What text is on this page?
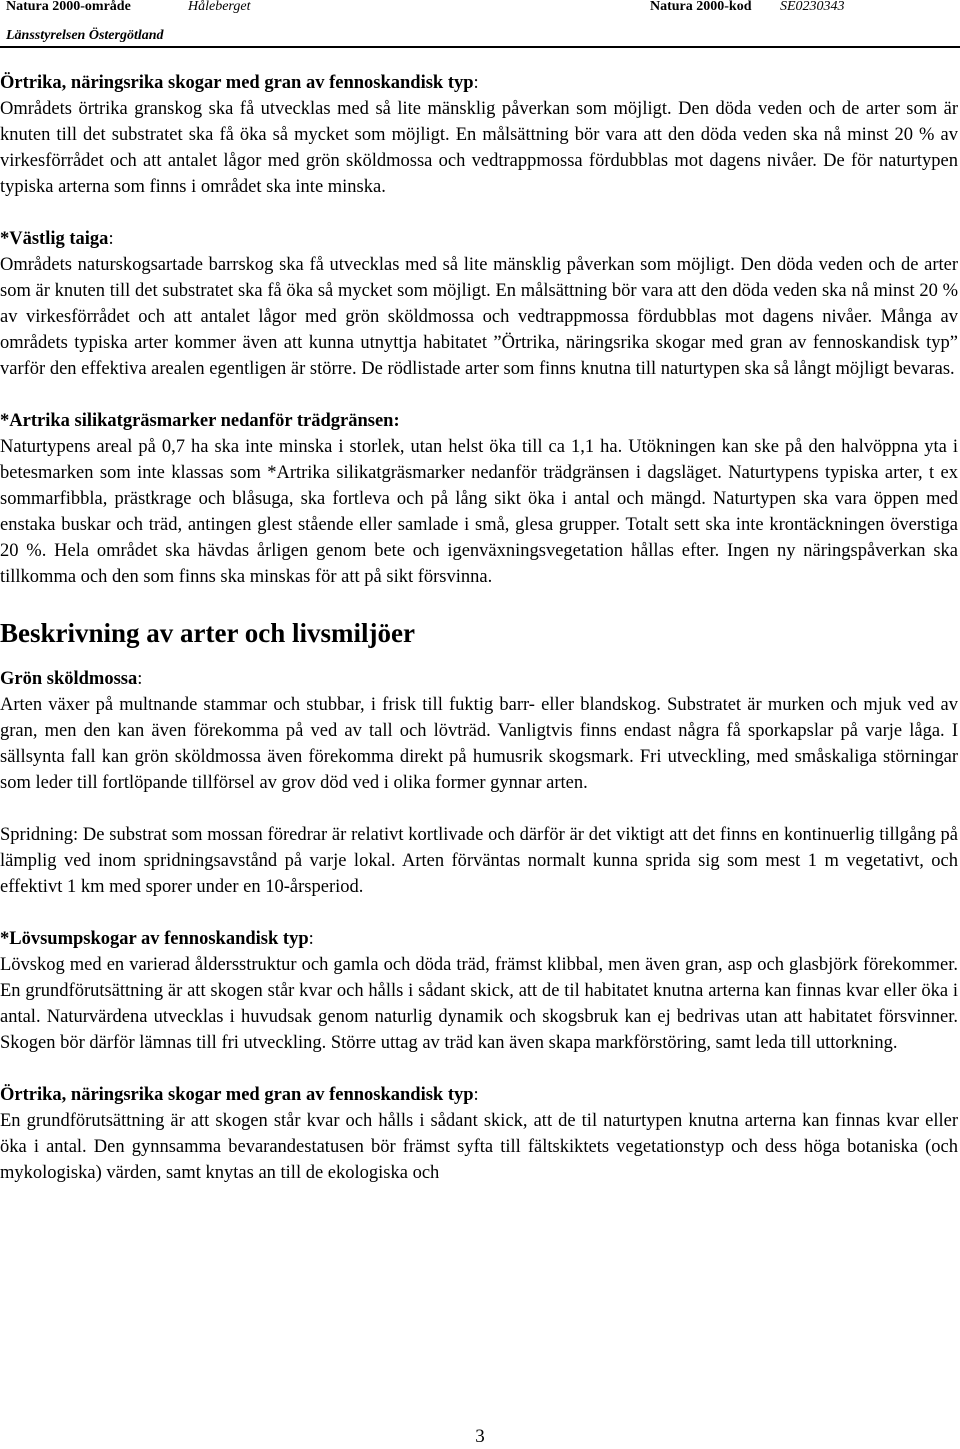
Natura 2000-område	Håleberget	Natura 2000-kod SE0230343
Länsstyrelsen Östergötland

Örtrika, näringsrika skogar med gran av fennoskandisk typ:

Områdets örtrika granskog ska få utvecklas med så lite mänsklig påverkan som möjligt. Den döda veden och de arter som är knuten till det substratet ska få öka så mycket som möjligt. En målsättning bör vara att den döda veden ska nå minst 20 % av virkesförrådet och att antalet lågor med grön sköldmossa och vedtrappmossa fördubblas mot dagens nivåer. De för naturtypen typiska arterna som finns i området ska inte minska.

*Västlig taiga:

Områdets naturskogsartade barrskog ska få utvecklas med så lite mänsklig påverkan som möjligt. Den döda veden och de arter som är knuten till det substratet ska få öka så mycket som möjligt. En målsättning bör vara att den döda veden ska nå minst 20 % av virkesförrådet och att antalet lågor med grön sköldmossa och vedtrappmossa fördubblas mot dagens nivåer. Många av områdets typiska arter kommer även att kunna utnyttja habitatet ”Örtrika, näringsrika skogar med gran av fennoskandisk typ” varför den effektiva arealen egentligen är större. De rödlistade arter som finns knutna till naturtypen ska så långt möjligt bevaras.

*Artrika silikatgräsmarker nedanför trädgränsen:

Naturtypens areal på 0,7 ha ska inte minska i storlek, utan helst öka till ca 1,1 ha. Utökningen kan ske på den halvöppna yta i betesmarken som inte klassas som *Artrika silikatgräsmarker nedanför trädgränsen i dagsläget. Naturtypens typiska arter, t ex sommarfibbla, prästkrage och blåsuga, ska fortleva och på lång sikt öka i antal och mängd. Naturtypen ska vara öppen med enstaka buskar och träd, antingen glest stående eller samlade i små, glesa grupper. Totalt sett ska inte krontäckningen överstiga 20 %. Hela området ska hävdas årligen genom bete och igenväxningsvegetation hållas efter. Ingen ny näringspåverkan ska tillkomma och den som finns ska minskas för att på sikt försvinna.

Beskrivning av arter och livsmiljöer

Grön sköldmossa:

Arten växer på multnande stammar och stubbar, i frisk till fuktig barr- eller blandskog. Substratet är murken och mjuk ved av gran, men den kan även förekomma på ved av tall och lövträd. Vanligtvis finns endast några få sporkapslar på varje låga. I sällsynta fall kan grön sköldmossa även förekomma direkt på humusrik skogsmark. Fri utveckling, med småskaliga störningar som leder till fortlöpande tillförsel av grov död ved i olika former gynnar arten.

Spridning: De substrat som mossan föredrar är relativt kortlivade och därför är det viktigt att det finns en kontinuerlig tillgång på lämplig ved inom spridningsavstånd på varje lokal. Arten förväntas normalt kunna sprida sig som mest 1 m vegetativt, och effektivt 1 km med sporer under en 10-årsperiod.

*Lövsumpskogar av fennoskandisk typ:

Lövskog med en varierad åldersstruktur och gamla och döda träd, främst klibbal, men även gran, asp och glasbjörk förekommer. En grundförutsättning är att skogen står kvar och hålls i sådant skick, att de til habitatet knutna arterna kan finnas kvar eller öka i antal. Naturvärdena utvecklas i huvudsak genom naturlig dynamik och skogsbruk kan ej bedrivas utan att habitatet försvinner. Skogen bör därför lämnas till fri utveckling. Större uttag av träd kan även skapa markförstöring, samt leda till uttorkning.

Örtrika, näringsrika skogar med gran av fennoskandisk typ:

En grundförutsättning är att skogen står kvar och hålls i sådant skick, att de til naturtypen knutna arterna kan finnas kvar eller öka i antal. Den gynnsamma bevarandestatusen bör främst syfta till fältskiktets vegetationstyp och dess höga botaniska (och mykologiska) värden, samt knytas an till de ekologiska och

3
